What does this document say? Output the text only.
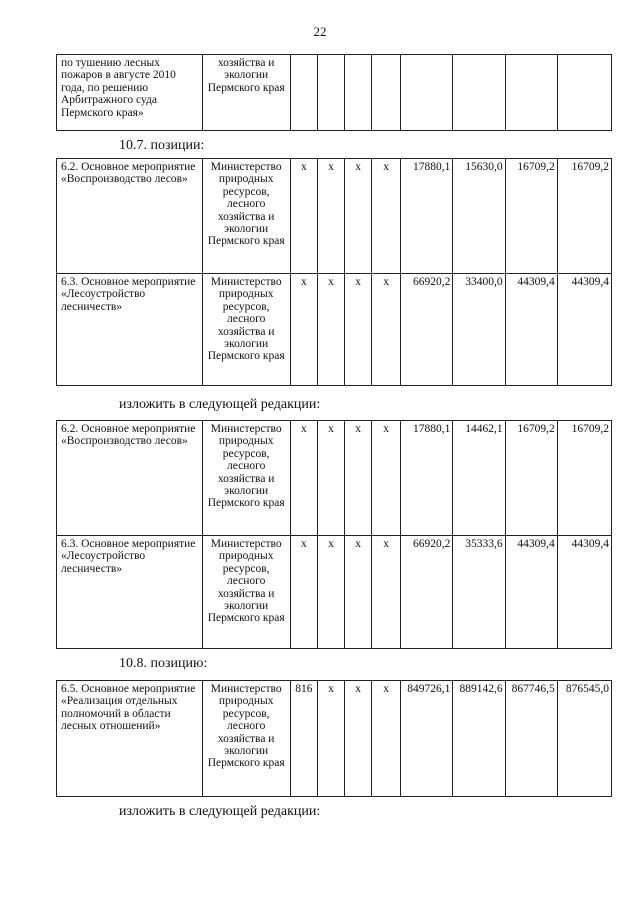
22
по тушению лесных пожаров в августе 2010 года, по решению Арбитражного суда Пермского края»	хозяйства и экологии Пермского края								
10.7. позиции:
6.2. Основное мероприятие «Воспроизводство лесов»	Министерство природных ресурсов, лесного хозяйства и экологии Пермского края	x	x	x	x	17880,1	15630,0	16709,2	16709,2
6.3. Основное мероприятие «Лесоустройство лесничеств»	Министерство природных ресурсов, лесного хозяйства и экологии Пермского края	x	x	x	x	66920,2	33400,0	44309,4	44309,4
изложить в следующей редакции:
6.2. Основное мероприятие «Воспроизводство лесов»	Министерство природных ресурсов, лесного хозяйства и экологии Пермского края	x	x	x	x	17880,1	14462,1	16709,2	16709,2
6.3. Основное мероприятие «Лесоустройство лесничеств»	Министерство природных ресурсов, лесного хозяйства и экологии Пермского края	x	x	x	x	66920,2	35333,6	44309,4	44309,4
10.8. позицию:
6.5. Основное мероприятие «Реализация отдельных полномочий в области лесных отношений»	Министерство природных ресурсов, лесного хозяйства и экологии Пермского края	816	x	x	x	849726,1	889142,6	867746,5	876545,0
изложить в следующей редакции:
